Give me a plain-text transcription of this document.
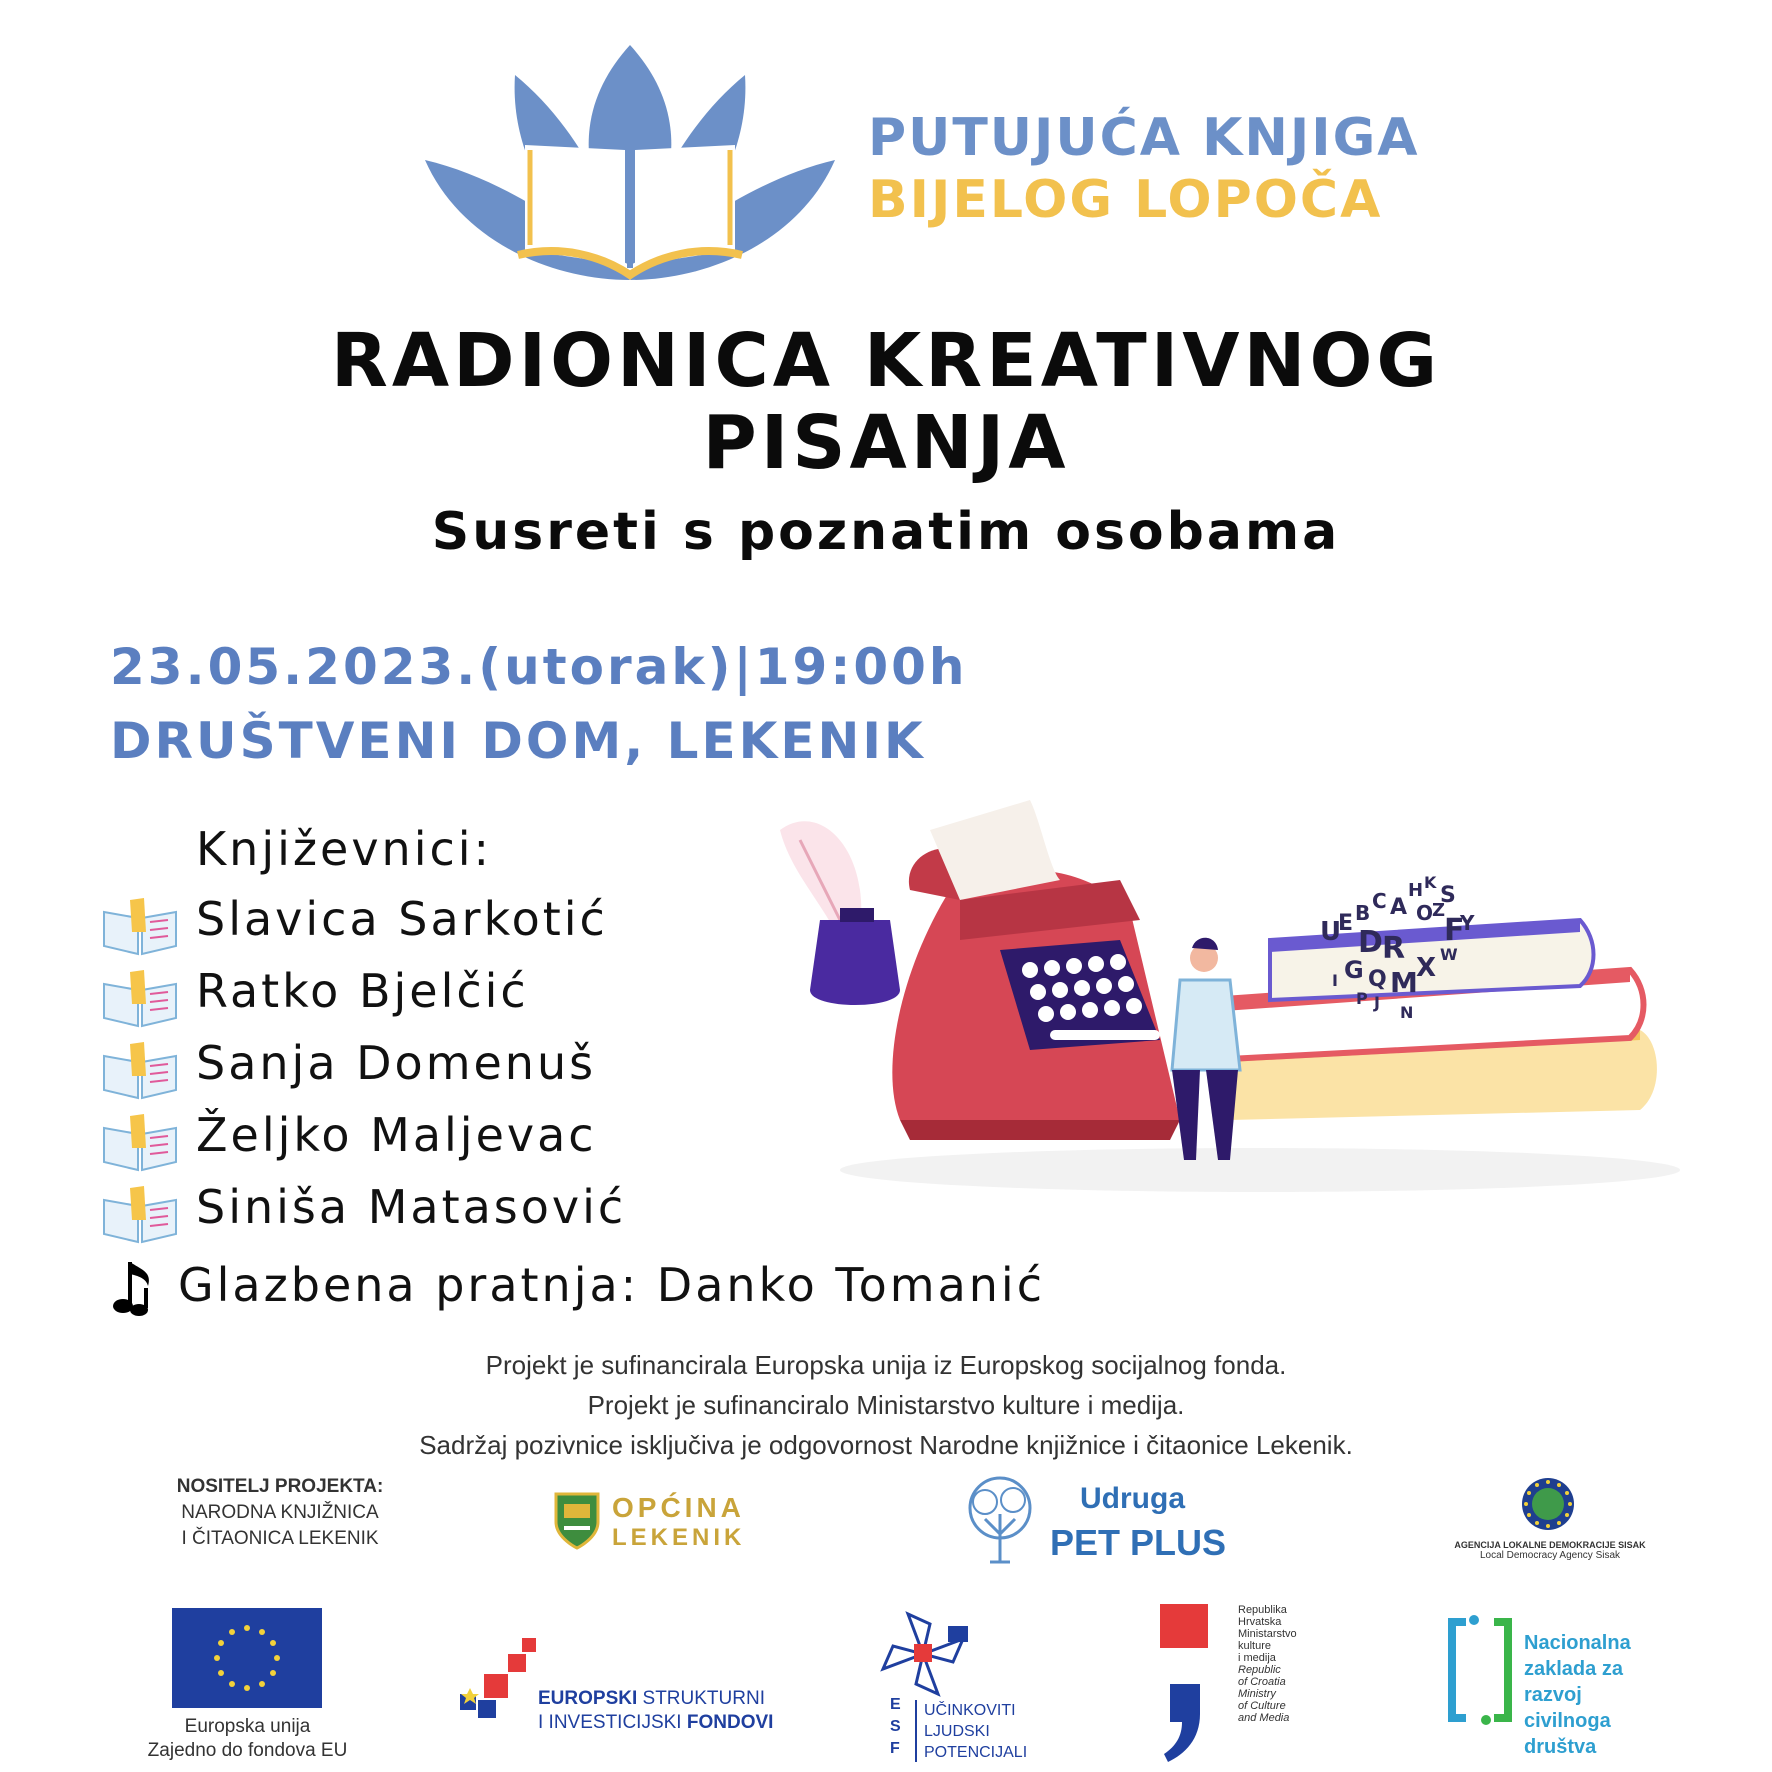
PUTUJUĆA KNJIGA
BIJELOG LOPOČA
RADIONICA KREATIVNOG
PISANJA
Susreti s poznatim osobama
23.05.2023.(utorak)|19:00h
DRUŠTVENI DOM, LEKENIK
Književnici:
Slavica Sarkotić
Ratko Bjelčić
Sanja Domenuš
Željko Maljevac
Siniša Matasović
Glazbena pratnja: Danko Tomanić
U
E B C A
H K
S
O
Z
F
D R
G
Y
I Q M
X
P J
W
N
Projekt je sufinancirala Europska unija iz Europskog socijalnog fonda.
Projekt je sufinanciralo Ministarstvo kulture i medija.
Sadržaj pozivnice isključiva je odgovornost Narodne knjižnice i čitaonice Lekenik.
NOSITELJ PROJEKTA:
NARODNA KNJIŽNICA
I ČITAONICA LEKENIK
OPĆINA
LEKENIK
Udruga
PET PLUS	AGENCIJA LOKALNE DEMOKRACIJE SISAK
Local Democracy Agency Sisak
Europska unija
Zajedno do fondova EU
EUROPSKI STRUKTURNI
I INVESTICIJSKI FONDOVI
E
S
F
UČINKOVITI
LJUDSKI
POTENCIJALI
Republika
Hrvatska
Ministarstvo
kulture
i medija
Republic
of Croatia
Ministry
of Culture
and Media
Nacionalna
zaklada za
razvoj
civilnoga
društva
